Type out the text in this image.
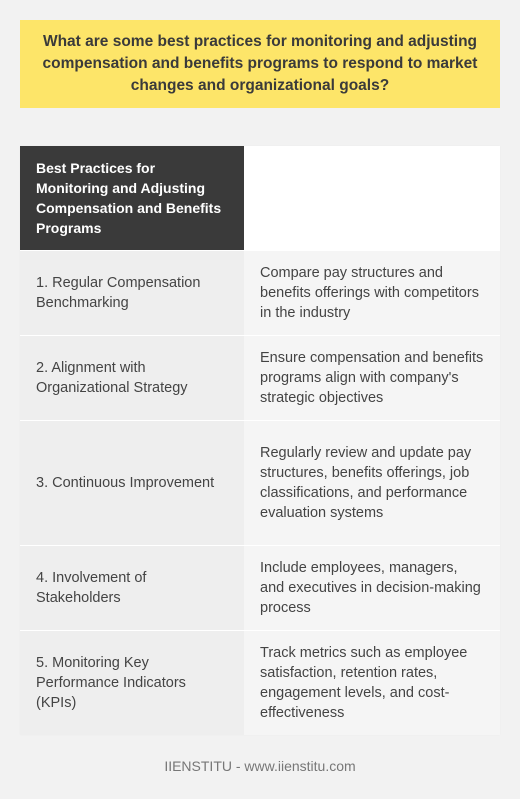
What are some best practices for monitoring and adjusting compensation and benefits programs to respond to market changes and organizational goals?
Best Practices for Monitoring and Adjusting Compensation and Benefits Programs
1. Regular Compensation Benchmarking
Compare pay structures and benefits offerings with competitors in the industry
2. Alignment with Organizational Strategy
Ensure compensation and benefits programs align with company's strategic objectives
3. Continuous Improvement
Regularly review and update pay structures, benefits offerings, job classifications, and performance evaluation systems
4. Involvement of Stakeholders
Include employees, managers, and executives in decision-making process
5. Monitoring Key Performance Indicators (KPIs)
Track metrics such as employee satisfaction, retention rates, engagement levels, and cost-effectiveness
IIENSTITU - www.iienstitu.com
